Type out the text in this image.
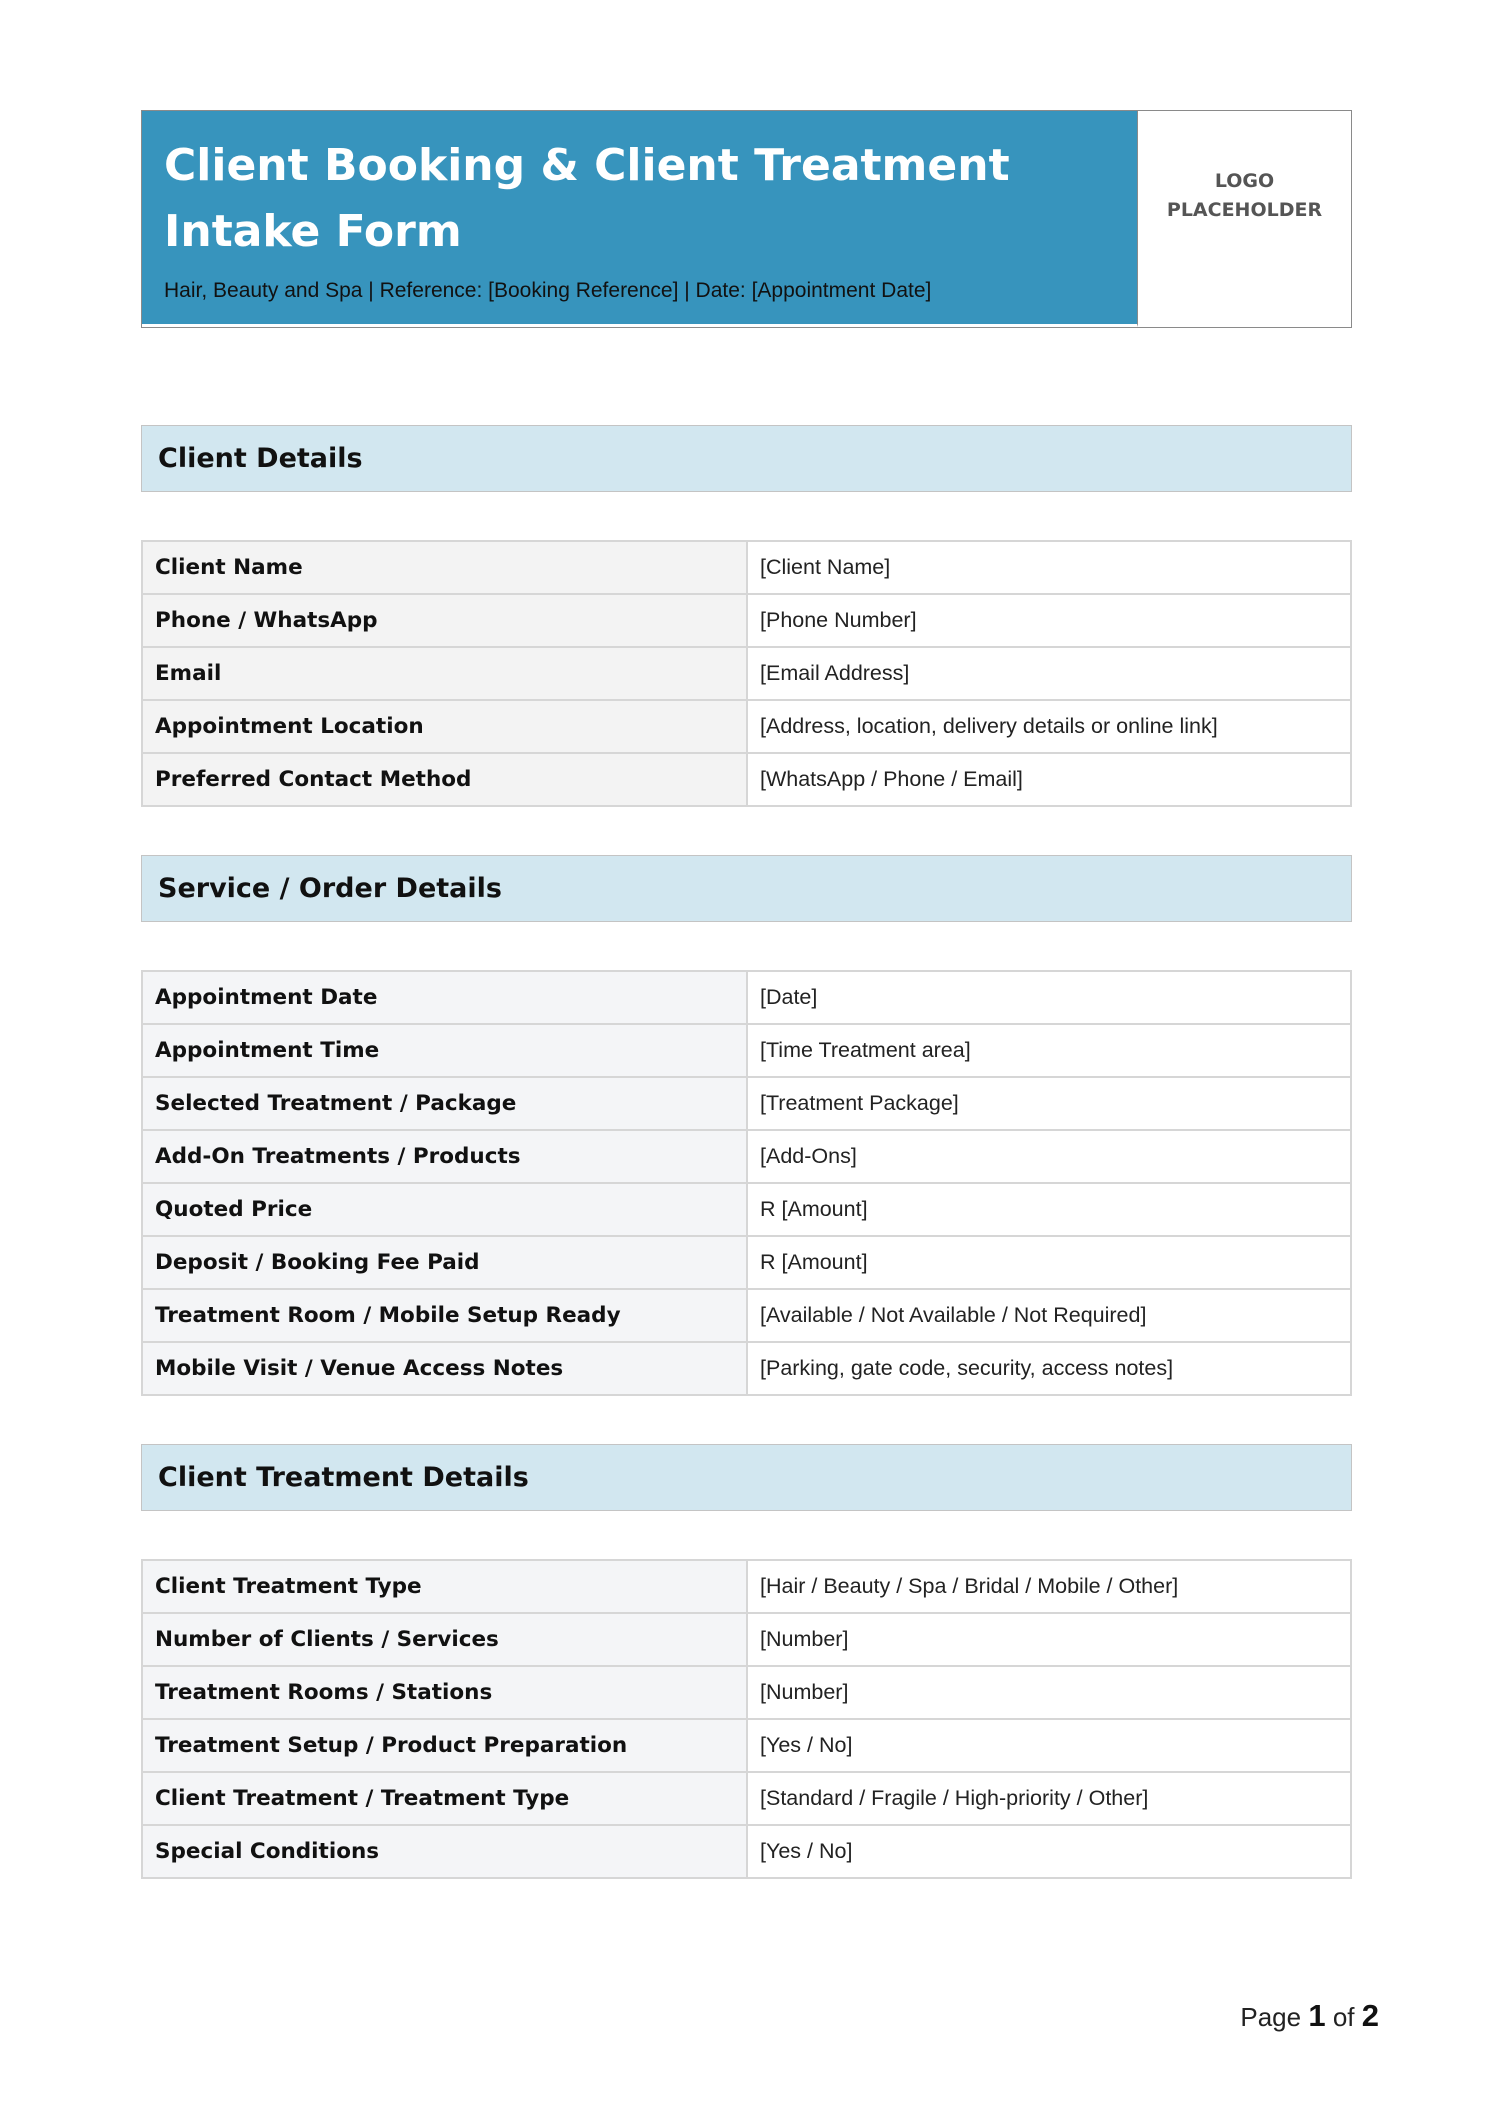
Client Booking & Client Treatment Intake Form
Hair, Beauty and Spa | Reference: [Booking Reference] | Date: [Appointment Date]
LOGO
PLACEHOLDER
Client Details
Client Name	[Client Name]
Phone / WhatsApp	[Phone Number]
Email	[Email Address]
Appointment Location	[Address, location, delivery details or online link]
Preferred Contact Method	[WhatsApp / Phone / Email]
Service / Order Details
Appointment Date	[Date]
Appointment Time	[Time Treatment area]
Selected Treatment / Package	[Treatment Package]
Add-On Treatments / Products	[Add-Ons]
Quoted Price	R [Amount]
Deposit / Booking Fee Paid	R [Amount]
Treatment Room / Mobile Setup Ready	[Available / Not Available / Not Required]
Mobile Visit / Venue Access Notes	[Parking, gate code, security, access notes]
Client Treatment Details
Client Treatment Type	[Hair / Beauty / Spa / Bridal / Mobile / Other]
Number of Clients / Services	[Number]
Treatment Rooms / Stations	[Number]
Treatment Setup / Product Preparation	[Yes / No]
Client Treatment / Treatment Type	[Standard / Fragile / High-priority / Other]
Special Conditions	[Yes / No]
Page 1 of 2
